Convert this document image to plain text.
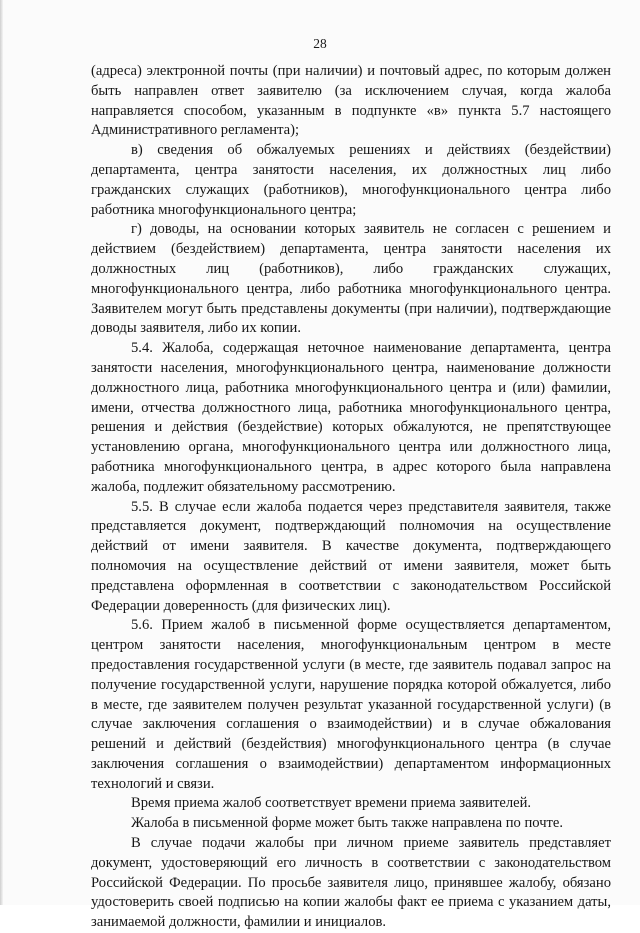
28

(адреса) электронной почты (при наличии) и почтовый адрес, по которым должен быть направлен ответ заявителю (за исключением случая, когда жалоба направляется способом, указанным в подпункте «в» пункта 5.7 настоящего Административного регламента);

в) сведения об обжалуемых решениях и действиях (бездействии) департамента, центра занятости населения, их должностных лиц либо гражданских служащих (работников), многофункционального центра либо работника многофункционального центра;

г) доводы, на основании которых заявитель не согласен с решением и действием (бездействием) департамента, центра занятости населения их должностных лиц (работников), либо гражданских служащих, многофункционального центра, либо работника многофункционального центра. Заявителем могут быть представлены документы (при наличии), подтверждающие доводы заявителя, либо их копии.

5.4. Жалоба, содержащая неточное наименование департамента, центра занятости населения, многофункционального центра, наименование должности должностного лица, работника многофункционального центра и (или) фамилии, имени, отчества должностного лица, работника многофункционального центра, решения и действия (бездействие) которых обжалуются, не препятствующее установлению органа, многофункционального центра или должностного лица, работника многофункционального центра, в адрес которого была направлена жалоба, подлежит обязательному рассмотрению.

5.5. В случае если жалоба подается через представителя заявителя, также представляется документ, подтверждающий полномочия на осуществление действий от имени заявителя. В качестве документа, подтверждающего полномочия на осуществление действий от имени заявителя, может быть представлена оформленная в соответствии с законодательством Российской Федерации доверенность (для физических лиц).

5.6. Прием жалоб в письменной форме осуществляется департаментом, центром занятости населения, многофункциональным центром в месте предоставления государственной услуги (в месте, где заявитель подавал запрос на получение государственной услуги, нарушение порядка которой обжалуется, либо в месте, где заявителем получен результат указанной государственной услуги) (в случае заключения соглашения о взаимодействии) и в случае обжалования решений и действий (бездействия) многофункционального центра (в случае заключения соглашения о взаимодействии) департаментом информационных технологий и связи.

Время приема жалоб соответствует времени приема заявителей.

Жалоба в письменной форме может быть также направлена по почте.

В случае подачи жалобы при личном приеме заявитель представляет документ, удостоверяющий его личность в соответствии с законодательством Российской Федерации. По просьбе заявителя лицо, принявшее жалобу, обязано удостоверить своей подписью на копии жалобы факт ее приема с указанием даты, занимаемой должности, фамилии и инициалов.
